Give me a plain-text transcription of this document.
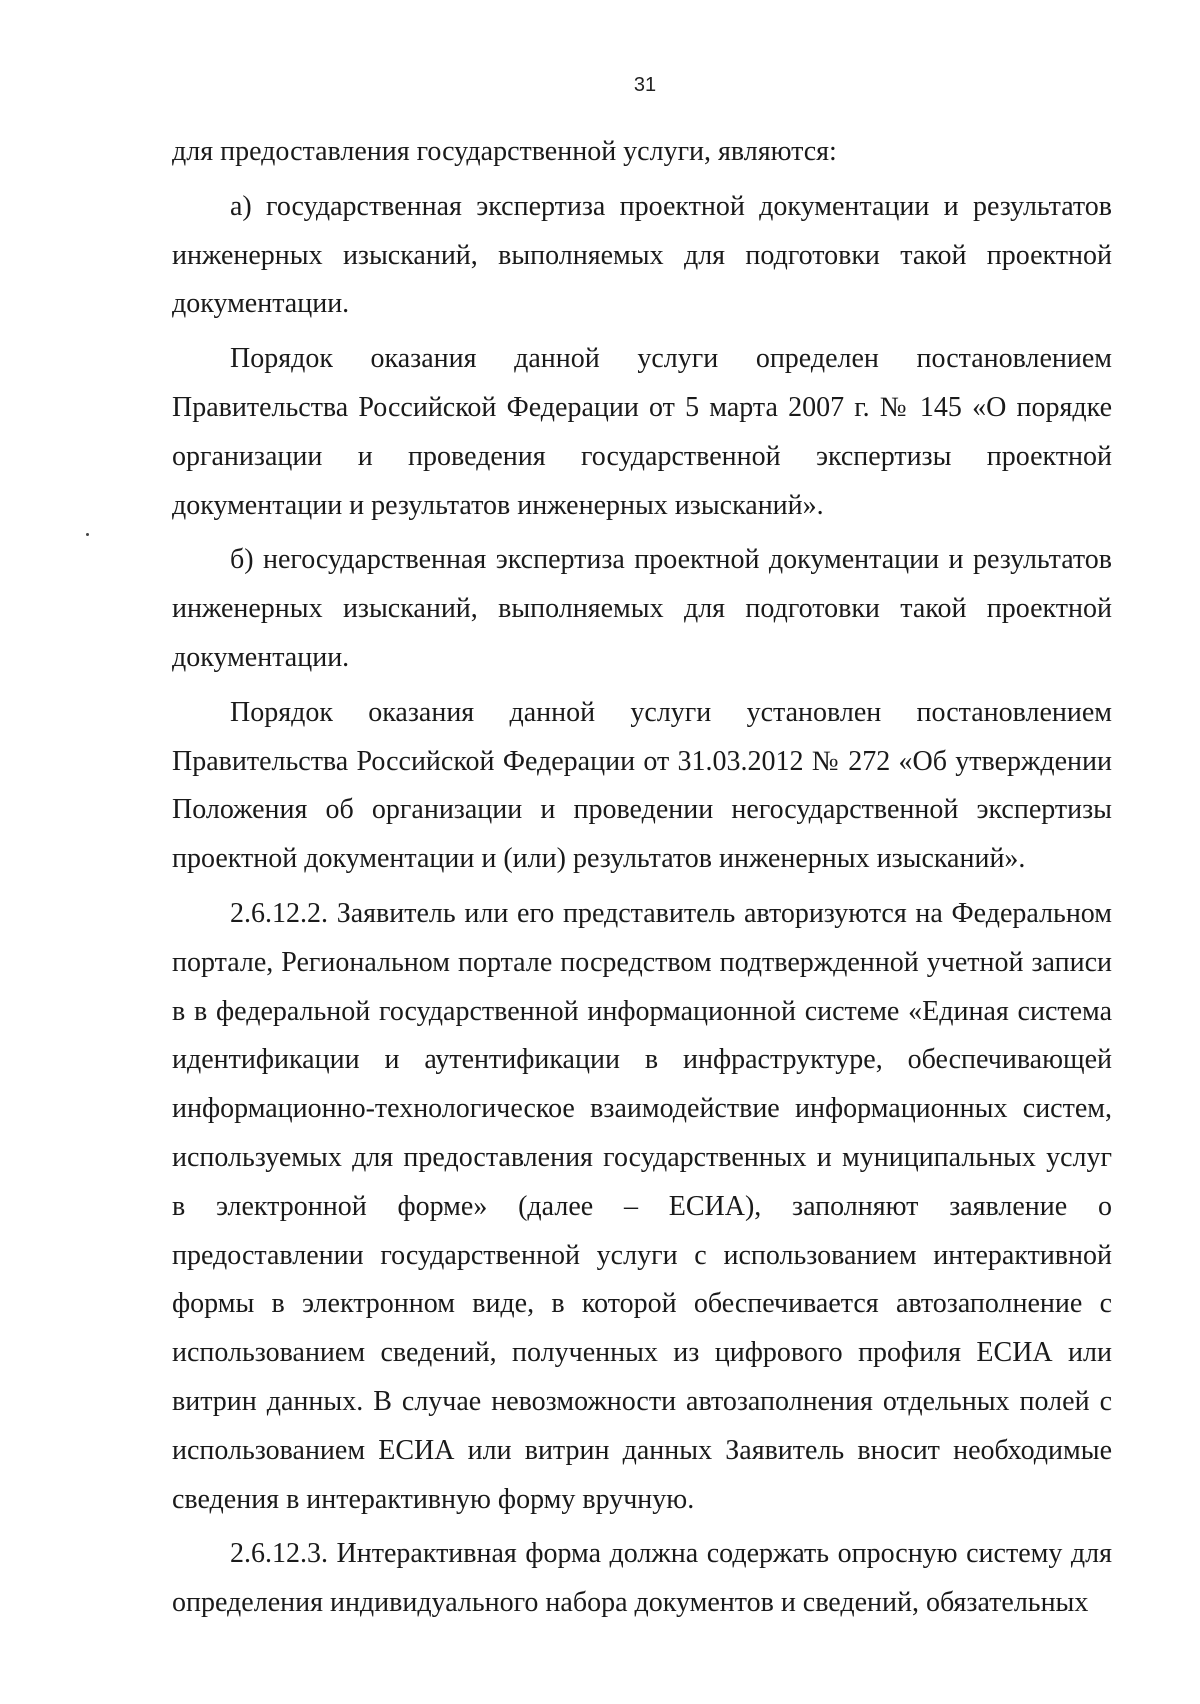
31

для предоставления государственной услуги, являются:

а) государственная экспертиза проектной документации и результатов инженерных изысканий, выполняемых для подготовки такой проектной документации.

Порядок оказания данной услуги определен постановлением Правительства Российской Федерации от 5 марта 2007 г. № 145 «О порядке организации и проведения государственной экспертизы проектной документации и результатов инженерных изысканий».

б) негосударственная экспертиза проектной документации и результатов инженерных изысканий, выполняемых для подготовки такой проектной документации.

Порядок оказания данной услуги установлен постановлением Правительства Российской Федерации от 31.03.2012 № 272 «Об утверждении Положения об организации и проведении негосударственной экспертизы проектной документации и (или) результатов инженерных изысканий».

2.6.12.2. Заявитель или его представитель авторизуются на Федеральном портале, Региональном портале посредством подтвержденной учетной записи в в федеральной государственной информационной системе «Единая система идентификации и аутентификации в инфраструктуре, обеспечивающей информационно-технологическое взаимодействие информационных систем, используемых для предоставления государственных и муниципальных услуг в электронной форме» (далее – ЕСИА), заполняют заявление о предоставлении государственной услуги с использованием интерактивной формы в электронном виде, в которой обеспечивается автозаполнение с использованием сведений, полученных из цифрового профиля ЕСИА или витрин данных. В случае невозможности автозаполнения отдельных полей с использованием ЕСИА или витрин данных Заявитель вносит необходимые сведения в интерактивную форму вручную.

2.6.12.3. Интерактивная форма должна содержать опросную систему для определения индивидуального набора документов и сведений, обязательных
